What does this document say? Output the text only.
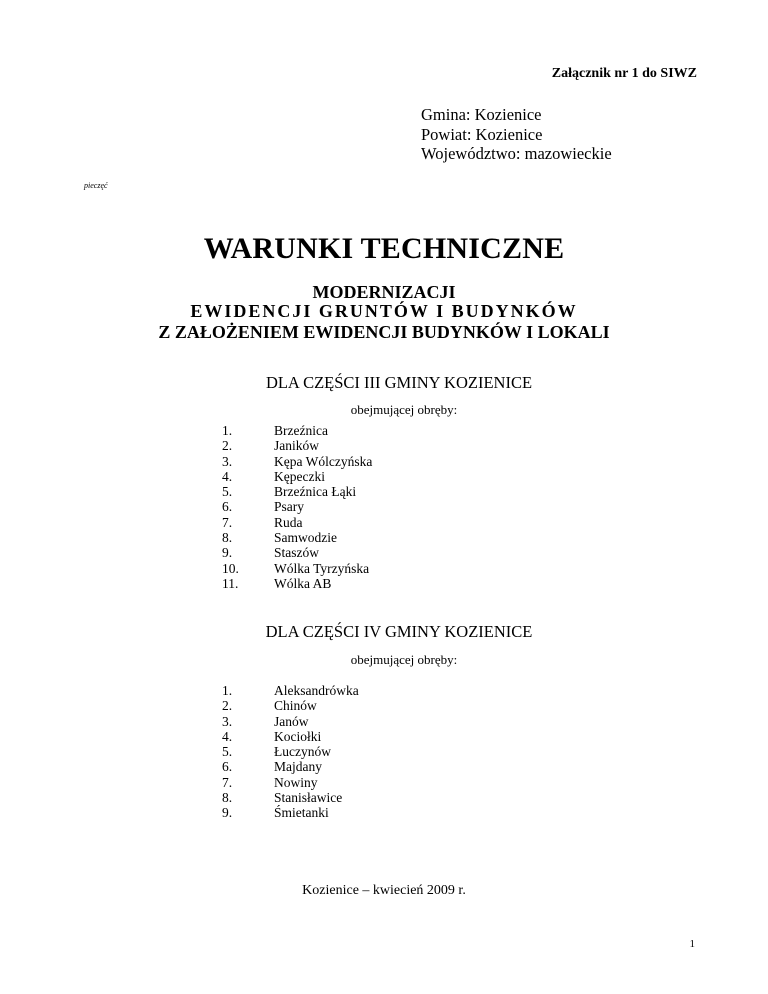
Załącznik nr 1 do SIWZ
Gmina: Kozienice
Powiat: Kozienice
Województwo: mazowieckie
pieczęć
WARUNKI TECHNICZNE
MODERNIZACJI
EWIDENCJI GRUNTÓW I BUDYNKÓW
Z ZAŁOŻENIEM EWIDENCJI BUDYNKÓW I LOKALI
DLA CZĘŚCI III GMINY KOZIENICE
obejmującej obręby:
1.	Brzeźnica
2.	Janików
3.	Kępa Wólczyńska
4.	Kępeczki
5.	Brzeźnica Łąki
6.	Psary
7.	Ruda
8.	Samwodzie
9.	Staszów
10.	Wólka Tyrzyńska
11.	Wólka AB
DLA CZĘŚCI IV GMINY KOZIENICE
obejmującej obręby:
1.	Aleksandrówka
2.	Chinów
3.	Janów
4.	Kociołki
5.	Łuczynów
6.	Majdany
7.	Nowiny
8.	Stanisławice
9.	Śmietanki
Kozienice – kwiecień 2009 r.
1
